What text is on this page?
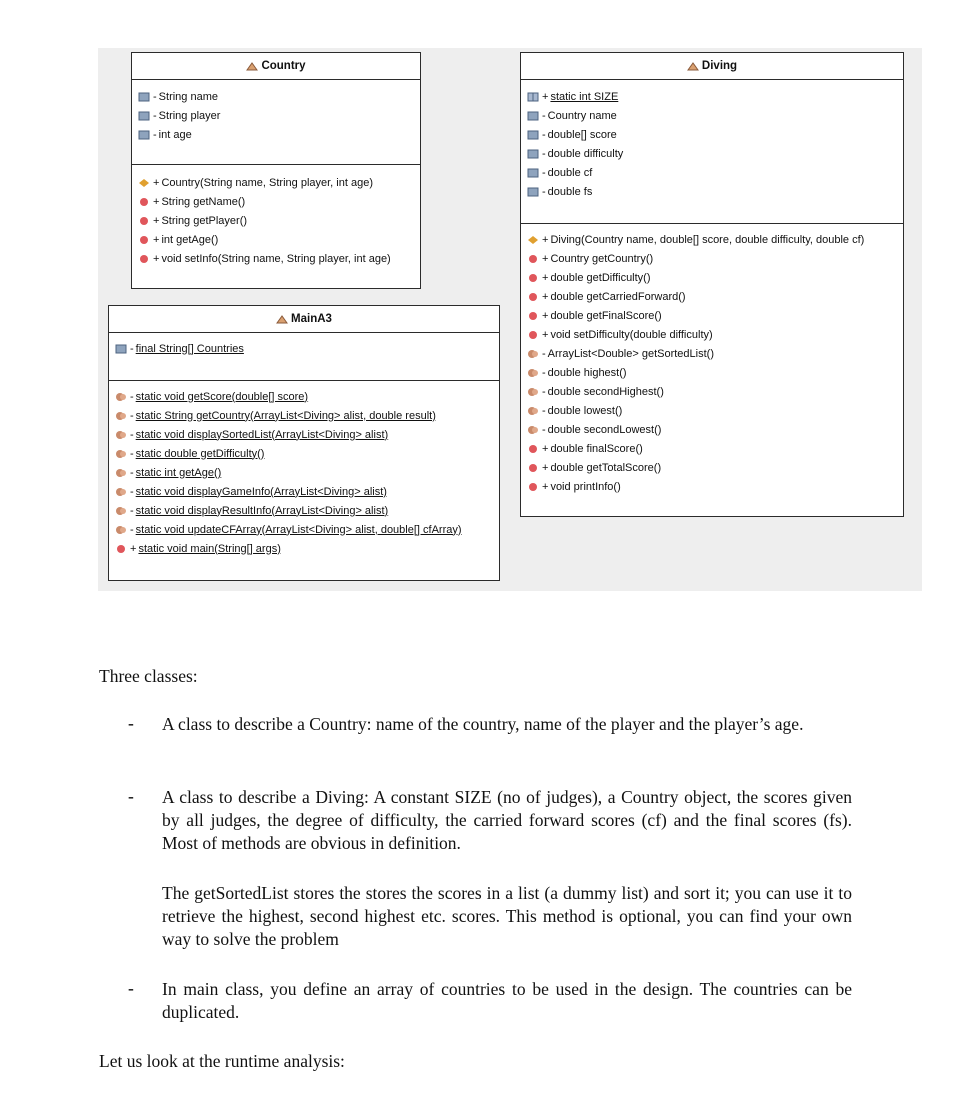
Country
- String name
- String player
- int age
+ Country(String name, String player, int age)
+ String getName()
+ String getPlayer()
+ int getAge()
+ void setInfo(String name, String player, int age)
Diving
+ static int SIZE
- Country name
- double[] score
- double difficulty
- double cf
- double fs
+ Diving(Country name, double[] score, double difficulty, double cf)
+ Country getCountry()
+ double getDifficulty()
+ double getCarriedForward()
+ double getFinalScore()
+ void setDifficulty(double difficulty)
- ArrayList<Double> getSortedList()
- double highest()
- double secondHighest()
- double lowest()
- double secondLowest()
+ double finalScore()
+ double getTotalScore()
+ void printInfo()
MainA3
- final String[] Countries
- static void getScore(double[] score)
- static String getCountry(ArrayList<Diving> alist, double result)
- static void displaySortedList(ArrayList<Diving> alist)
- static double getDifficulty()
- static int getAge()
- static void displayGameInfo(ArrayList<Diving> alist)
- static void displayResultInfo(ArrayList<Diving> alist)
- static void updateCFArray(ArrayList<Diving> alist, double[] cfArray)
+ static void main(String[] args)
Three classes:
- A class to describe a Country: name of the country, name of the player and the player’s age.
- A class to describe a Diving: A constant SIZE (no of judges), a Country object, the scores given by all judges, the degree of difficulty, the carried forward scores (cf) and the final scores (fs). Most of methods are obvious in definition.
The getSortedList stores the stores the scores in a list (a dummy list) and sort it; you can use it to retrieve the highest, second highest etc. scores. This method is optional, you can find your own way to solve the problem
- In main class, you define an array of countries to be used in the design. The countries can be duplicated.
Let us look at the runtime analysis:
